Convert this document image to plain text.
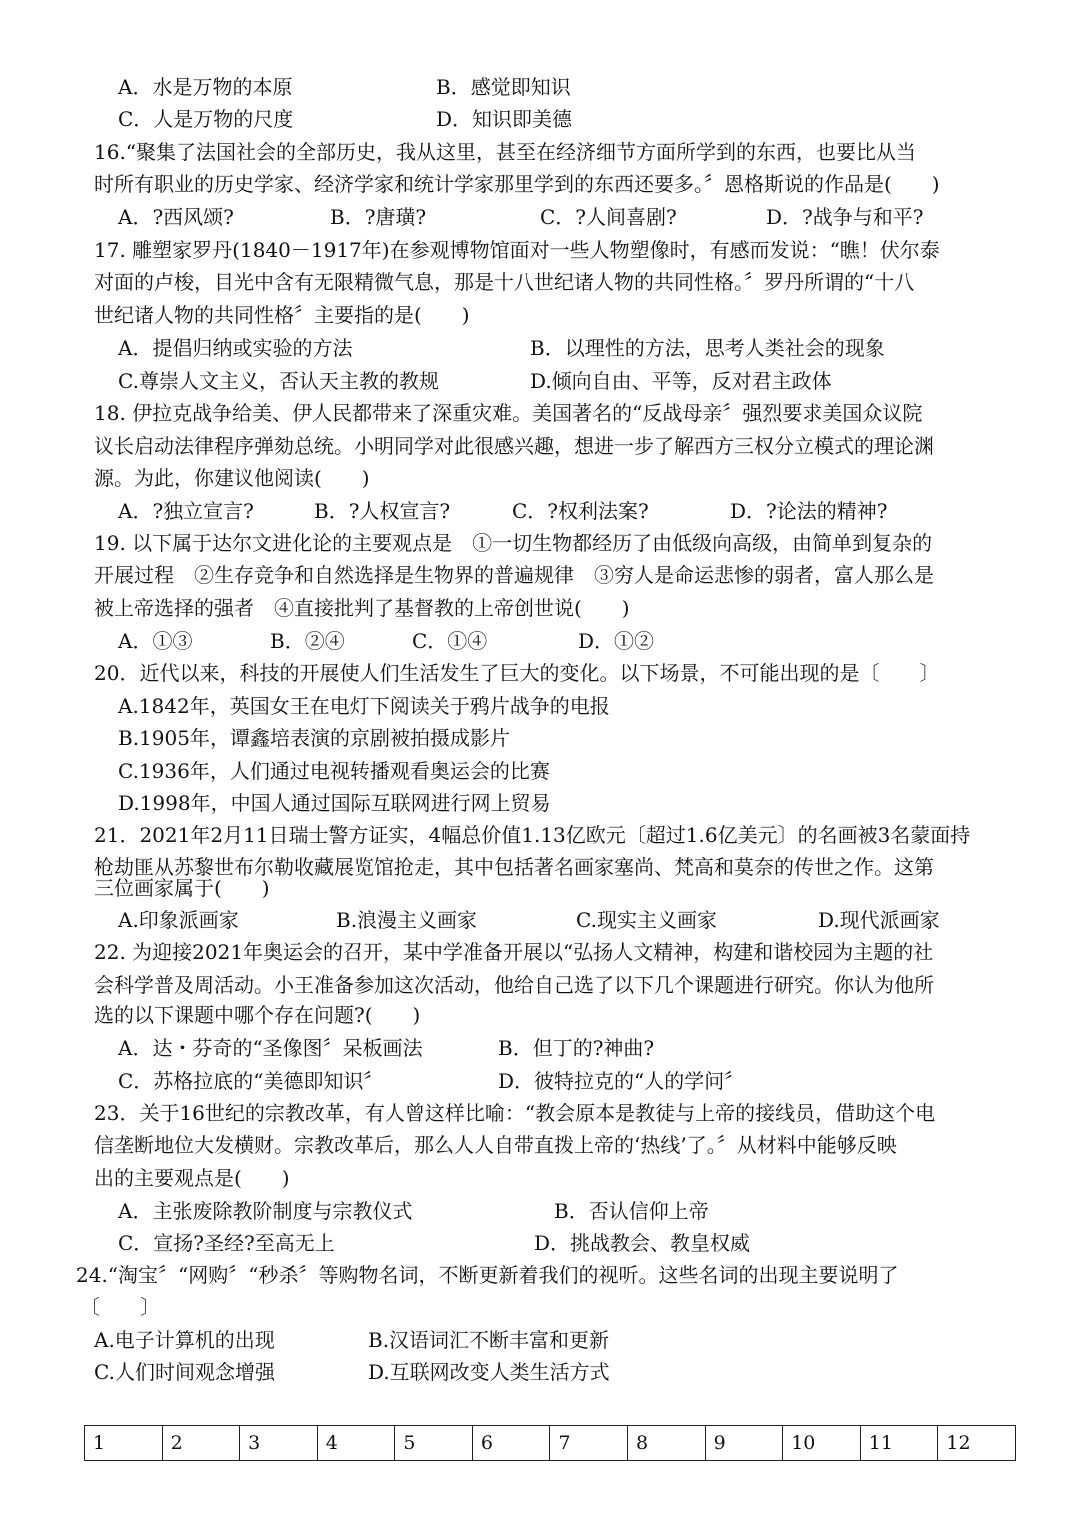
A．水是万物的本原	B．感觉即知识
C．人是万物的尺度	D．知识即美德
16.“聚集了法国社会的全部历史，我从这里，甚至在经济细节方面所学到的东西，也要比从当
时所有职业的历史学家、经济学家和统计学家那里学到的东西还要多。〞恩格斯说的作品是(　　)
A．?西风颂?	B．?唐璜?	C．?人间喜剧?	D．?战争与和平?
17. 雕塑家罗丹(1840－1917年)在参观博物馆面对一些人物塑像时，有感而发说：“瞧！伏尔泰
对面的卢梭，目光中含有无限精微气息，那是十八世纪诸人物的共同性格。〞罗丹所谓的“十八
世纪诸人物的共同性格〞主要指的是(　　)
A．提倡归纳或实验的方法	B．以理性的方法，思考人类社会的现象
C.尊崇人文主义，否认天主教的教规	D.倾向自由、平等，反对君主政体
18. 伊拉克战争给美、伊人民都带来了深重灾难。美国著名的“反战母亲〞强烈要求美国众议院
议长启动法律程序弹劾总统。小明同学对此很感兴趣，想进一步了解西方三权分立模式的理论渊
源。为此，你建议他阅读(　　)
A．?独立宣言?	B．?人权宣言?	C．?权利法案?	D．?论法的精神?
19. 以下属于达尔文进化论的主要观点是　①一切生物都经历了由低级向高级，由简单到复杂的
开展过程　②生存竞争和自然选择是生物界的普遍规律　③穷人是命运悲惨的弱者，富人那么是
被上帝选择的强者　④直接批判了基督教的上帝创世说(　　)
A．①③	B．②④	C．①④	D．①②
20．近代以来，科技的开展使人们生活发生了巨大的变化。以下场景，不可能出现的是〔　　〕
A.1842年，英国女王在电灯下阅读关于鸦片战争的电报
B.1905年，谭鑫培表演的京剧被拍摄成影片
C.1936年，人们通过电视转播观看奥运会的比赛
D.1998年，中国人通过国际互联网进行网上贸易
21．2021年2月11日瑞士警方证实，4幅总价值1.13亿欧元〔超过1.6亿美元〕的名画被3名蒙面持
枪劫匪从苏黎世布尔勒收藏展览馆抢走，其中包括著名画家塞尚、梵高和莫奈的传世之作。这第
三位画家属于(　　)
A.印象派画家	B.浪漫主义画家	C.现实主义画家	D.现代派画家
22. 为迎接2021年奥运会的召开，某中学准备开展以“弘扬人文精神，构建和谐校园为主题的社
会科学普及周活动。小王准备参加这次活动，他给自己选了以下几个课题进行研究。你认为他所
选的以下课题中哪个存在问题?(　　)
A．达・芬奇的“圣像图〞呆板画法	B．但丁的?神曲?
C．苏格拉底的“美德即知识〞	D．彼特拉克的“人的学问〞
23．关于16世纪的宗教改革，有人曾这样比喻：“教会原本是教徒与上帝的接线员，借助这个电
信垄断地位大发横财。宗教改革后，那么人人自带直拨上帝的‘热线’了。〞从材料中能够反映
出的主要观点是(　　)
A．主张废除教阶制度与宗教仪式	B．否认信仰上帝
C．宣扬?圣经?至高无上	D．挑战教会、教皇权威
24.“淘宝〞“网购〞“秒杀〞等购物名词，不断更新着我们的视听。这些名词的出现主要说明了
〔　　〕
A.电子计算机的出现	B.汉语词汇不断丰富和更新
C.人们时间观念增强	D.互联网改变人类生活方式
1	2	3	4	5	6	7	8	9	10	11	12
